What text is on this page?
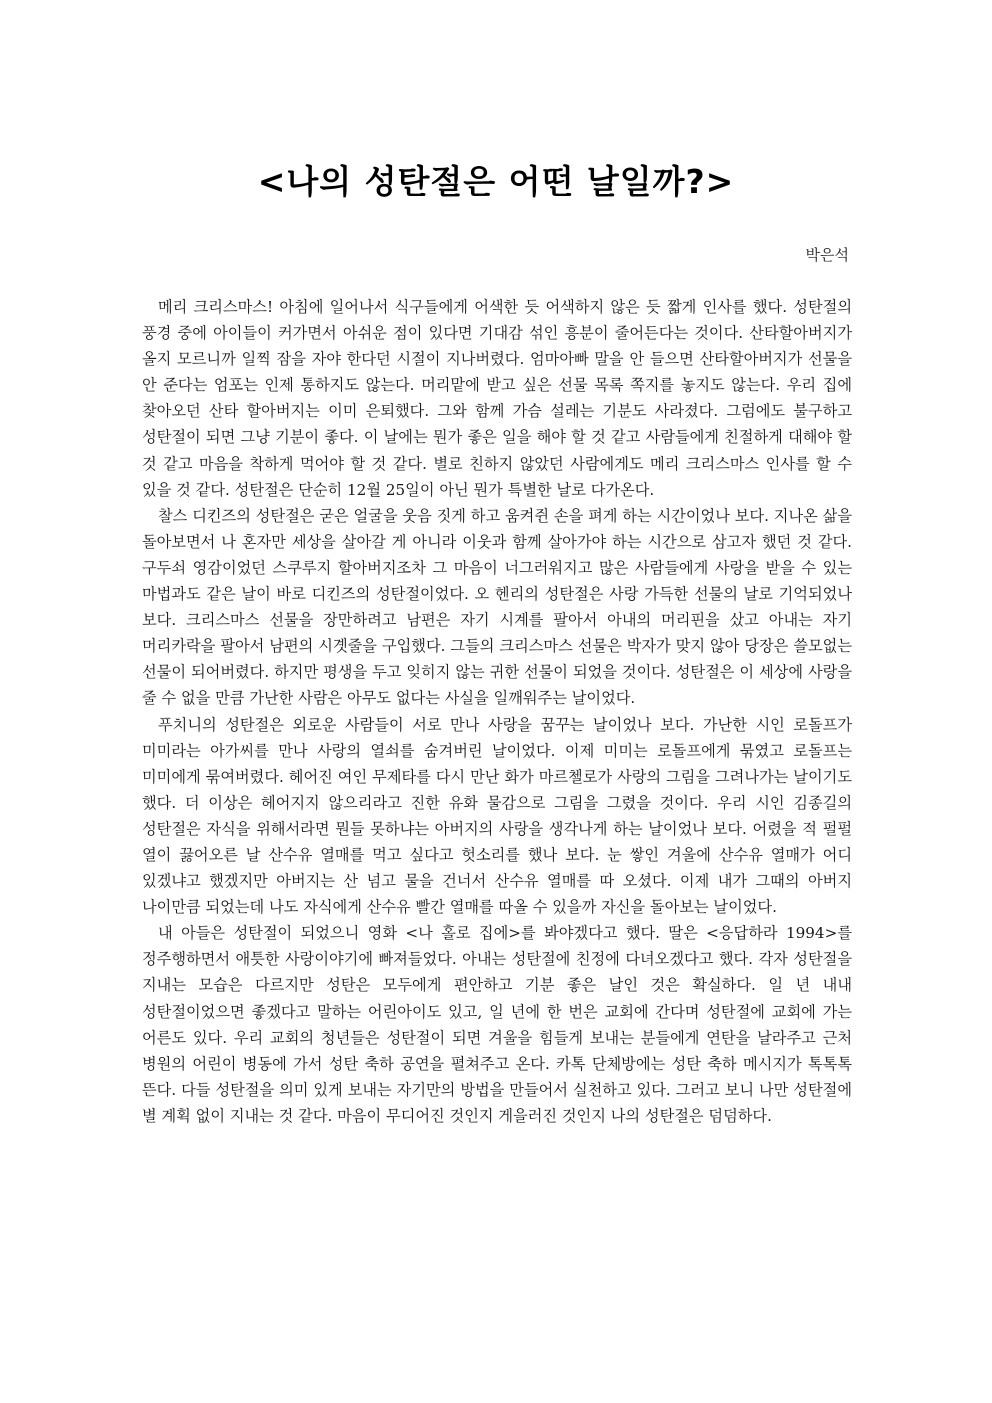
<나의 성탄절은 어떤 날일까?>
박은석

메리 크리스마스! 아침에 일어나서 식구들에게 어색한 듯 어색하지 않은 듯 짧게 인사를 했다. 성탄절의 풍경 중에 아이들이 커가면서 아쉬운 점이 있다면 기대감 섞인 흥분이 줄어든다는 것이다. 산타할아버지가 올지 모르니까 일찍 잠을 자야 한다던 시절이 지나버렸다. 엄마아빠 말을 안 들으면 산타할아버지가 선물을 안 준다는 엄포는 인제 통하지도 않는다. 머리맡에 받고 싶은 선물 목록 쪽지를 놓지도 않는다. 우리 집에 찾아오던 산타 할아버지는 이미 은퇴했다. 그와 함께 가슴 설레는 기분도 사라졌다. 그럼에도 불구하고 성탄절이 되면 그냥 기분이 좋다. 이 날에는 뭔가 좋은 일을 해야 할 것 같고 사람들에게 친절하게 대해야 할 것 같고 마음을 착하게 먹어야 할 것 같다. 별로 친하지 않았던 사람에게도 메리 크리스마스 인사를 할 수 있을 것 같다. 성탄절은 단순히 12월 25일이 아닌 뭔가 특별한 날로 다가온다.

찰스 디킨즈의 성탄절은 굳은 얼굴을 웃음 짓게 하고 움켜쥔 손을 펴게 하는 시간이었나 보다. 지나온 삶을 돌아보면서 나 혼자만 세상을 살아갈 게 아니라 이웃과 함께 살아가야 하는 시간으로 삼고자 했던 것 같다. 구두쇠 영감이었던 스쿠루지 할아버지조차 그 마음이 너그러워지고 많은 사람들에게 사랑을 받을 수 있는 마법과도 같은 날이 바로 디킨즈의 성탄절이었다. 오 헨리의 성탄절은 사랑 가득한 선물의 날로 기억되었나 보다. 크리스마스 선물을 장만하려고 남편은 자기 시계를 팔아서 아내의 머리핀을 샀고 아내는 자기 머리카락을 팔아서 남편의 시곗줄을 구입했다. 그들의 크리스마스 선물은 박자가 맞지 않아 당장은 쓸모없는 선물이 되어버렸다. 하지만 평생을 두고 잊히지 않는 귀한 선물이 되었을 것이다. 성탄절은 이 세상에 사랑을 줄 수 없을 만큼 가난한 사람은 아무도 없다는 사실을 일깨워주는 날이었다.

푸치니의 성탄절은 외로운 사람들이 서로 만나 사랑을 꿈꾸는 날이었나 보다. 가난한 시인 로돌프가 미미라는 아가씨를 만나 사랑의 열쇠를 숨겨버린 날이었다. 이제 미미는 로돌프에게 묶였고 로돌프는 미미에게 묶여버렸다. 헤어진 여인 무제타를 다시 만난 화가 마르첼로가 사랑의 그림을 그려나가는 날이기도 했다. 더 이상은 헤어지지 않으리라고 진한 유화 물감으로 그림을 그렸을 것이다. 우리 시인 김종길의 성탄절은 자식을 위해서라면 뭔들 못하냐는 아버지의 사랑을 생각나게 하는 날이었나 보다. 어렸을 적 펄펄 열이 끓어오른 날 산수유 열매를 먹고 싶다고 헛소리를 했나 보다. 눈 쌓인 겨울에 산수유 열매가 어디 있겠냐고 했겠지만 아버지는 산 넘고 물을 건너서 산수유 열매를 따 오셨다. 이제 내가 그때의 아버지 나이만큼 되었는데 나도 자식에게 산수유 빨간 열매를 따올 수 있을까 자신을 돌아보는 날이었다.

내 아들은 성탄절이 되었으니 영화 <나 홀로 집에>를 봐야겠다고 했다. 딸은 <응답하라 1994>를 정주행하면서 애틋한 사랑이야기에 빠져들었다. 아내는 성탄절에 친정에 다녀오겠다고 했다. 각자 성탄절을 지내는 모습은 다르지만 성탄은 모두에게 편안하고 기분 좋은 날인 것은 확실하다. 일 년 내내 성탄절이었으면 좋겠다고 말하는 어린아이도 있고, 일 년에 한 번은 교회에 간다며 성탄절에 교회에 가는 어른도 있다. 우리 교회의 청년들은 성탄절이 되면 겨울을 힘들게 보내는 분들에게 연탄을 날라주고 근처 병원의 어린이 병동에 가서 성탄 축하 공연을 펼쳐주고 온다. 카톡 단체방에는 성탄 축하 메시지가 톡톡톡 뜬다. 다들 성탄절을 의미 있게 보내는 자기만의 방법을 만들어서 실천하고 있다. 그러고 보니 나만 성탄절에 별 계획 없이 지내는 것 같다. 마음이 무디어진 것인지 게을러진 것인지 나의 성탄절은 덤덤하다.
